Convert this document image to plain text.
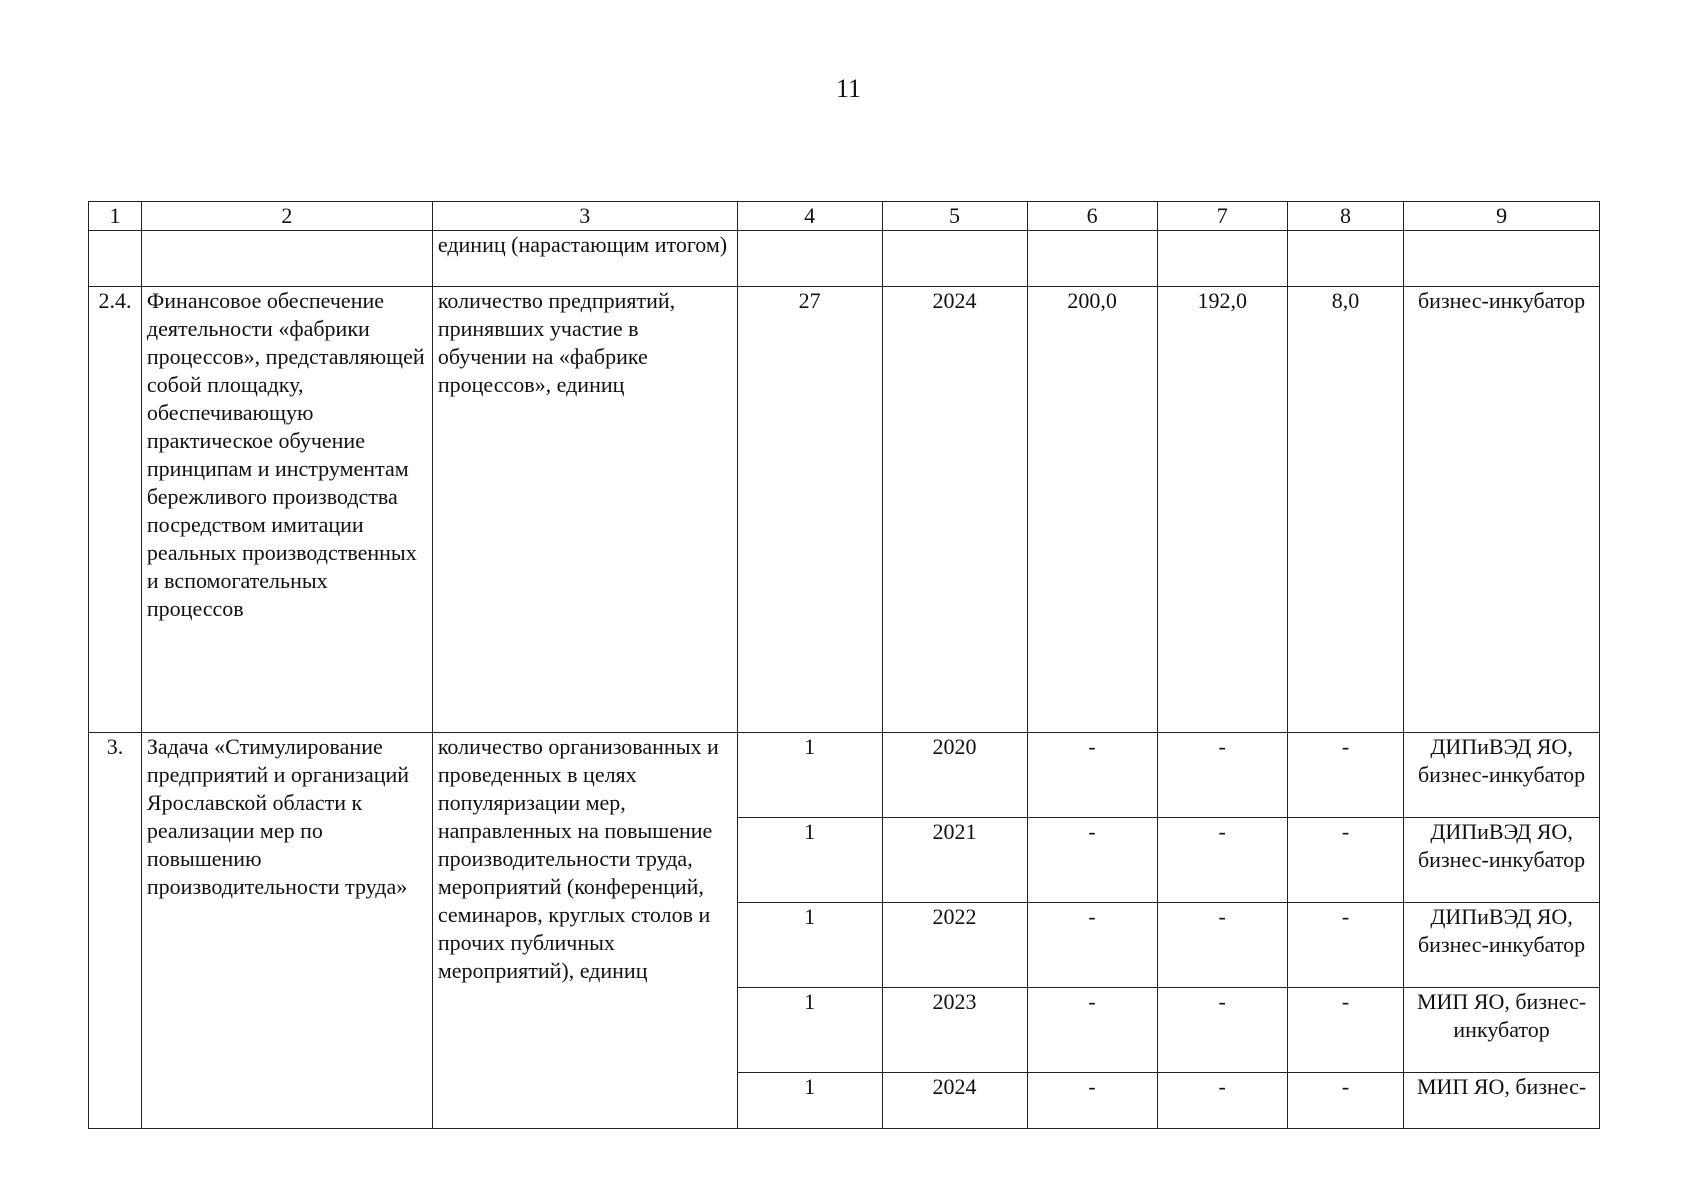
11
1	2	3	4	5	6	7	8	9
		единиц (нарастающим итогом)						
2.4.	Финансовое обеспечение деятельности «фабрики процессов», представляющей собой площадку, обеспечивающую практическое обучение принципам и инструментам бережливого производства посредством имитации реальных производственных и вспомогательных процессов	количество предприятий, принявших участие в обучении на «фабрике процессов», единиц	27	2024	200,0	192,0	8,0	бизнес-инкубатор
3.	Задача «Стимулирование предприятий и организаций Ярославской области к реализации мер по повышению производительности труда»	количество организованных и проведенных в целях популяризации мер, направленных на повышение производительности труда, мероприятий (конференций, семинаров, круглых столов и прочих публичных мероприятий), единиц	1	2020	-	-	-	ДИПиВЭД ЯО, бизнес-инкубатор
			1	2021	-	-	-	ДИПиВЭД ЯО, бизнес-инкубатор
			1	2022	-	-	-	ДИПиВЭД ЯО, бизнес-инкубатор
			1	2023	-	-	-	МИП ЯО, бизнес-инкубатор
			1	2024	-	-	-	МИП ЯО, бизнес-
